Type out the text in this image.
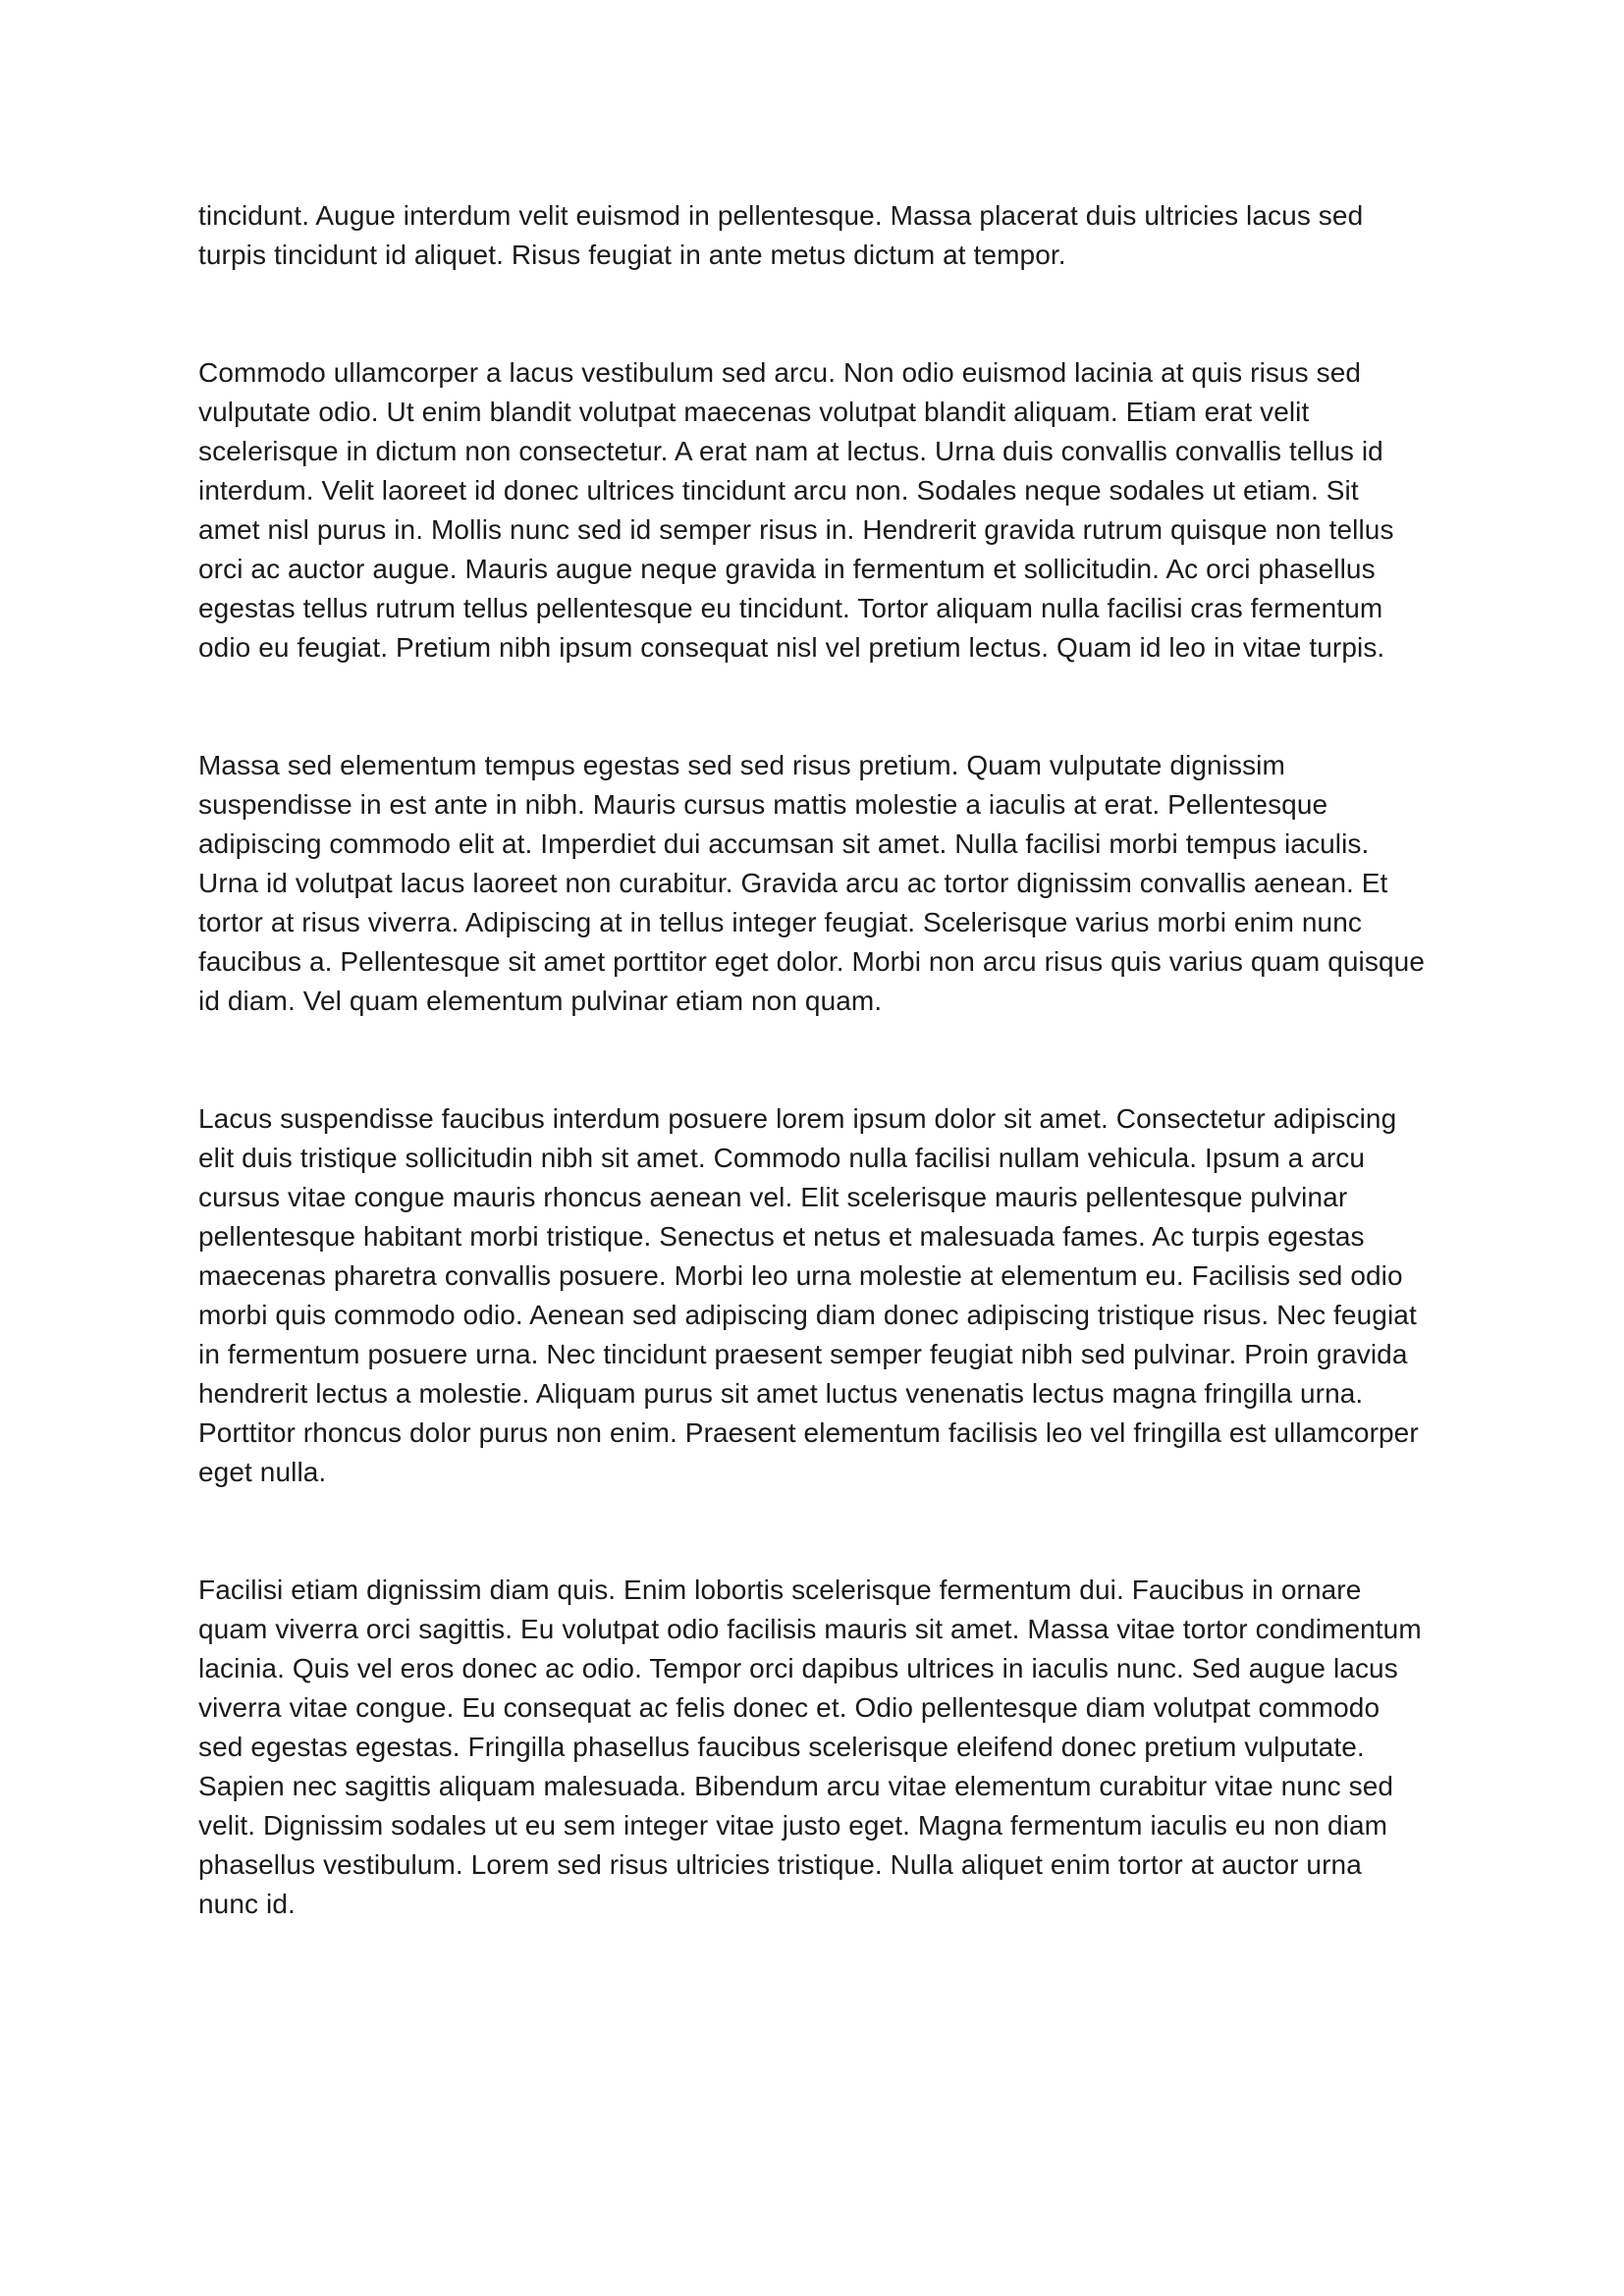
tincidunt. Augue interdum velit euismod in pellentesque. Massa placerat duis ultricies lacus sed turpis tincidunt id aliquet. Risus feugiat in ante metus dictum at tempor.

Commodo ullamcorper a lacus vestibulum sed arcu. Non odio euismod lacinia at quis risus sed vulputate odio. Ut enim blandit volutpat maecenas volutpat blandit aliquam. Etiam erat velit scelerisque in dictum non consectetur. A erat nam at lectus. Urna duis convallis convallis tellus id interdum. Velit laoreet id donec ultrices tincidunt arcu non. Sodales neque sodales ut etiam. Sit amet nisl purus in. Mollis nunc sed id semper risus in. Hendrerit gravida rutrum quisque non tellus orci ac auctor augue. Mauris augue neque gravida in fermentum et sollicitudin. Ac orci phasellus egestas tellus rutrum tellus pellentesque eu tincidunt. Tortor aliquam nulla facilisi cras fermentum odio eu feugiat. Pretium nibh ipsum consequat nisl vel pretium lectus. Quam id leo in vitae turpis.

Massa sed elementum tempus egestas sed sed risus pretium. Quam vulputate dignissim suspendisse in est ante in nibh. Mauris cursus mattis molestie a iaculis at erat. Pellentesque adipiscing commodo elit at. Imperdiet dui accumsan sit amet. Nulla facilisi morbi tempus iaculis. Urna id volutpat lacus laoreet non curabitur. Gravida arcu ac tortor dignissim convallis aenean. Et tortor at risus viverra. Adipiscing at in tellus integer feugiat. Scelerisque varius morbi enim nunc faucibus a. Pellentesque sit amet porttitor eget dolor. Morbi non arcu risus quis varius quam quisque id diam. Vel quam elementum pulvinar etiam non quam.

Lacus suspendisse faucibus interdum posuere lorem ipsum dolor sit amet. Consectetur adipiscing elit duis tristique sollicitudin nibh sit amet. Commodo nulla facilisi nullam vehicula. Ipsum a arcu cursus vitae congue mauris rhoncus aenean vel. Elit scelerisque mauris pellentesque pulvinar pellentesque habitant morbi tristique. Senectus et netus et malesuada fames. Ac turpis egestas maecenas pharetra convallis posuere. Morbi leo urna molestie at elementum eu. Facilisis sed odio morbi quis commodo odio. Aenean sed adipiscing diam donec adipiscing tristique risus. Nec feugiat in fermentum posuere urna. Nec tincidunt praesent semper feugiat nibh sed pulvinar. Proin gravida hendrerit lectus a molestie. Aliquam purus sit amet luctus venenatis lectus magna fringilla urna. Porttitor rhoncus dolor purus non enim. Praesent elementum facilisis leo vel fringilla est ullamcorper eget nulla.

Facilisi etiam dignissim diam quis. Enim lobortis scelerisque fermentum dui. Faucibus in ornare quam viverra orci sagittis. Eu volutpat odio facilisis mauris sit amet. Massa vitae tortor condimentum lacinia. Quis vel eros donec ac odio. Tempor orci dapibus ultrices in iaculis nunc. Sed augue lacus viverra vitae congue. Eu consequat ac felis donec et. Odio pellentesque diam volutpat commodo sed egestas egestas. Fringilla phasellus faucibus scelerisque eleifend donec pretium vulputate. Sapien nec sagittis aliquam malesuada. Bibendum arcu vitae elementum curabitur vitae nunc sed velit. Dignissim sodales ut eu sem integer vitae justo eget. Magna fermentum iaculis eu non diam phasellus vestibulum. Lorem sed risus ultricies tristique. Nulla aliquet enim tortor at auctor urna nunc id.
